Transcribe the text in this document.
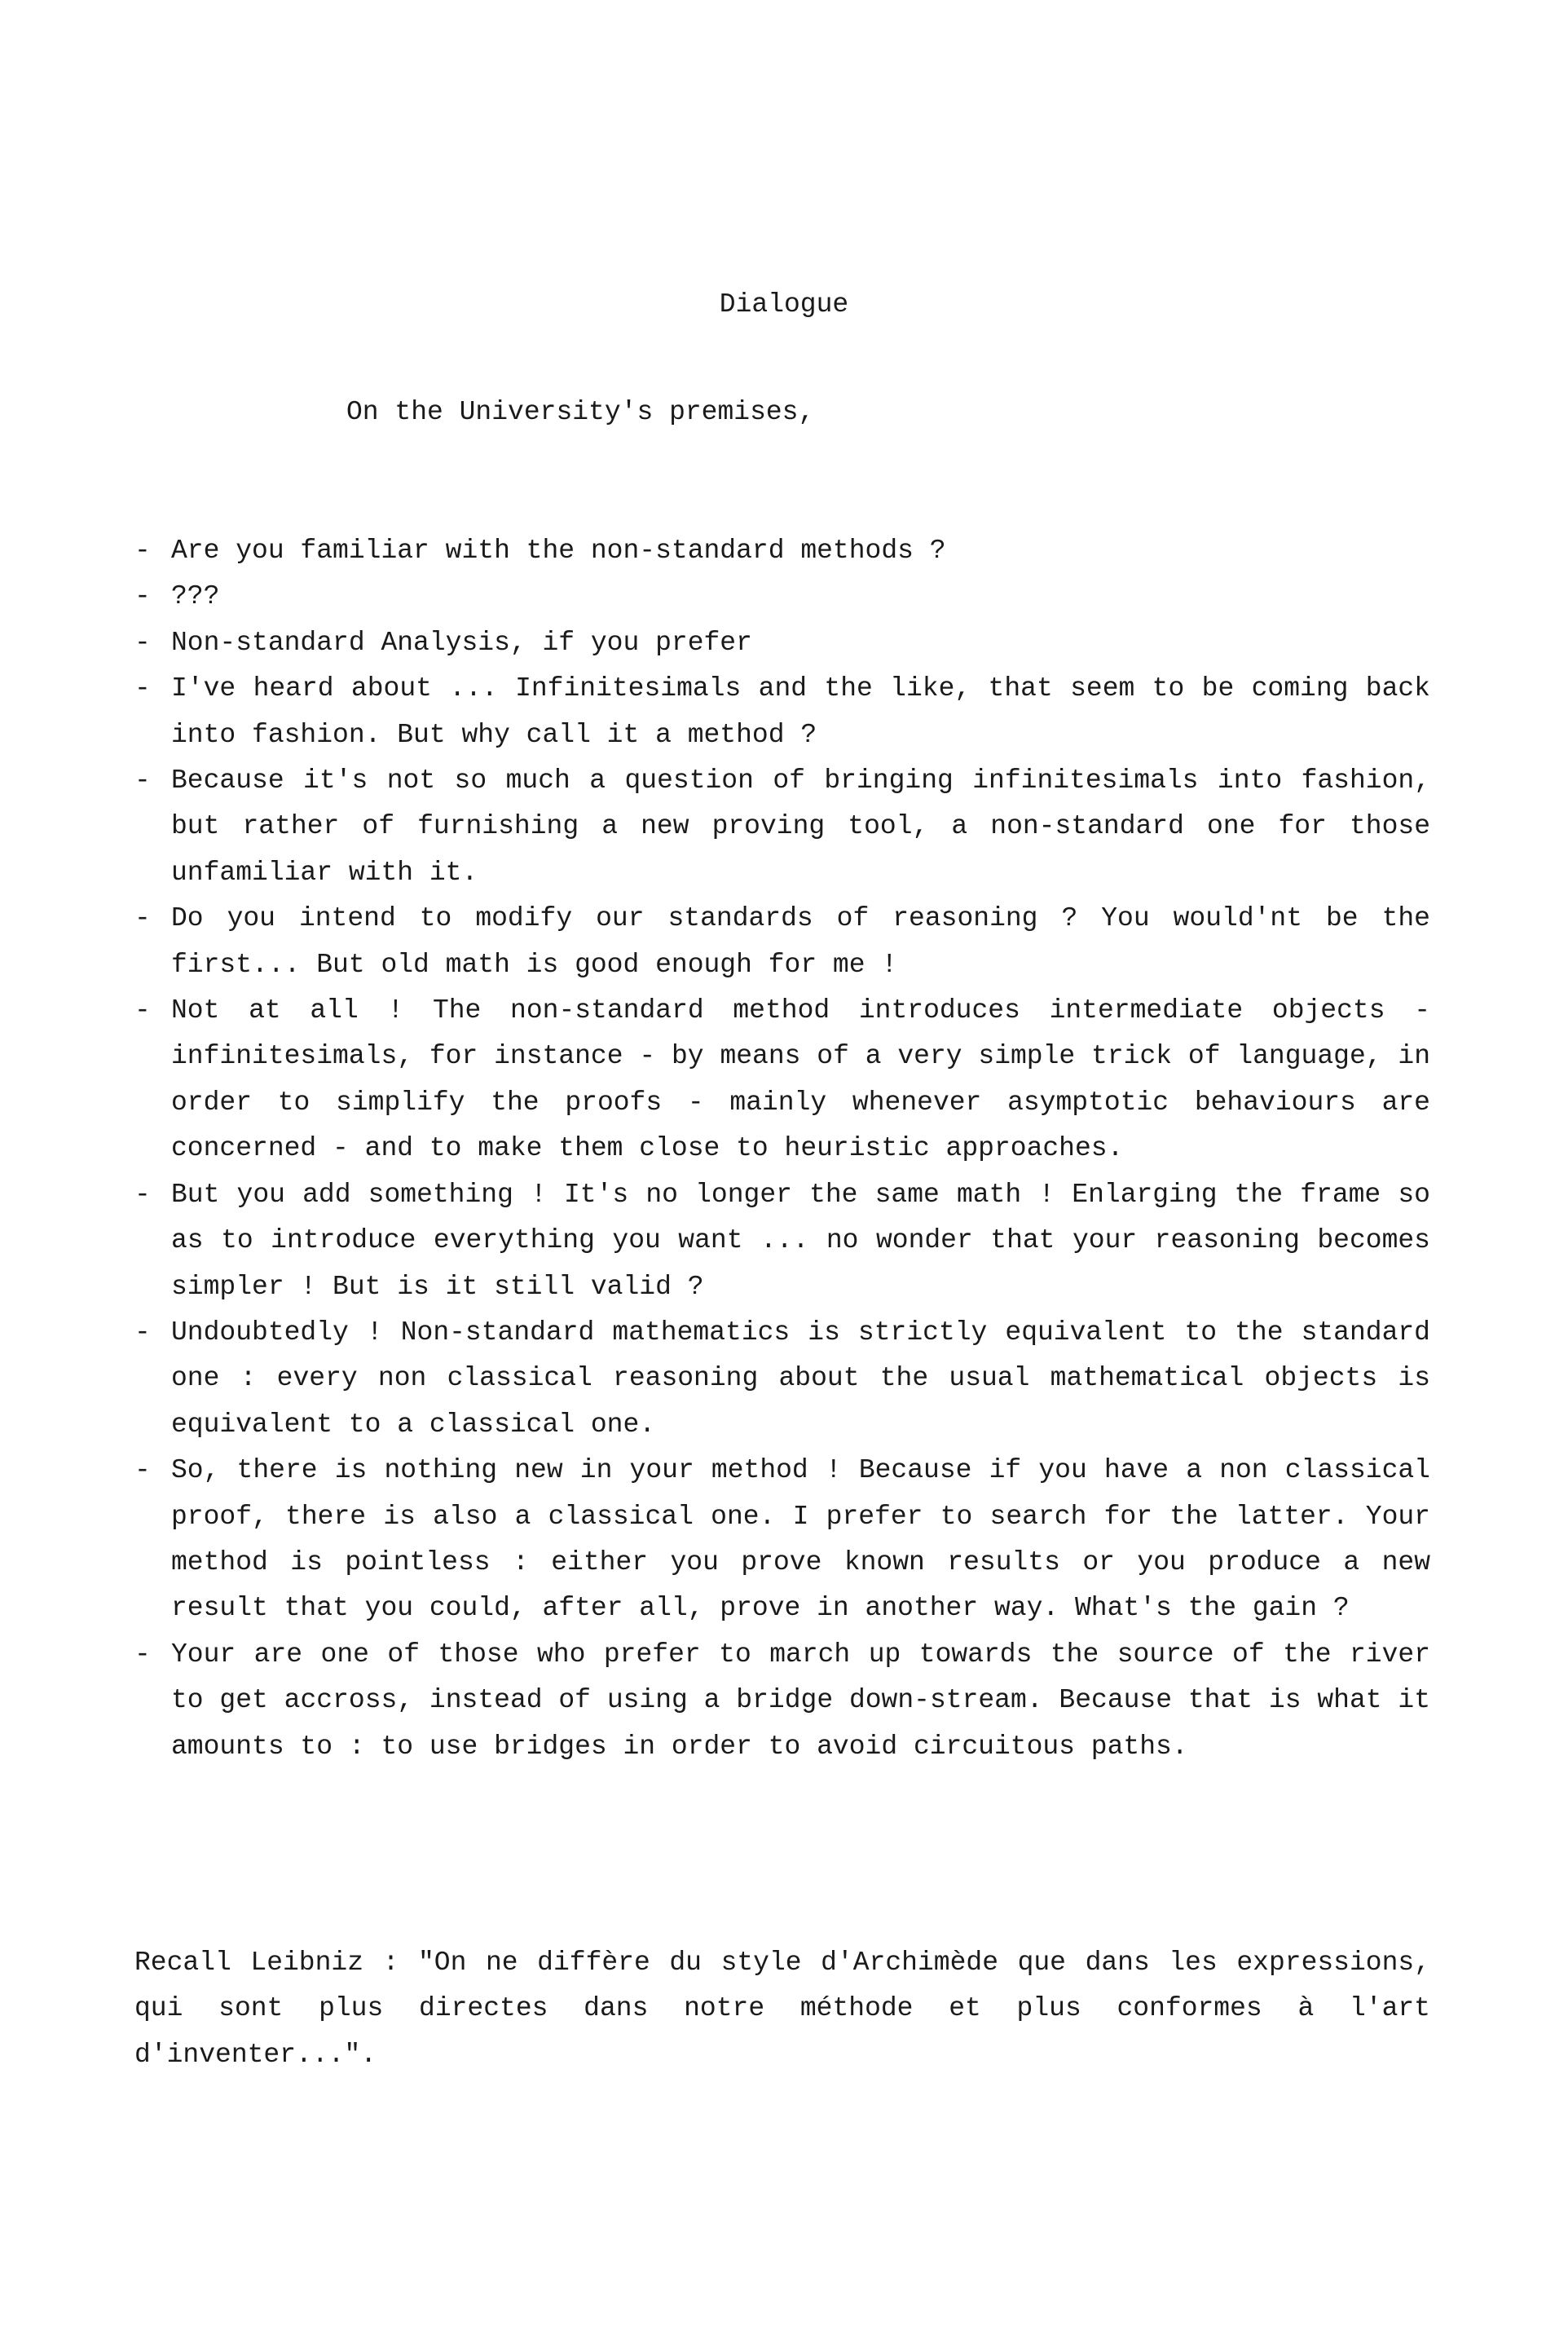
Dialogue
On the University's premises,

- Are you familiar with the non-standard methods ?

- ???

- Non-standard Analysis, if you prefer

- I've heard about ... Infinitesimals and the like, that seem to be coming back into fashion. But why call it a method ?

- Because it's not so much a question of bringing infinitesimals into fashion, but rather of furnishing a new proving tool, a non-standard one for those unfamiliar with it.

- Do you intend to modify our standards of reasoning ? You would'nt be the first... But old math is good enough for me !

- Not at all ! The non-standard method introduces intermediate objects - infinitesimals, for instance - by means of a very simple trick of language, in order to simplify the proofs - mainly whenever asymptotic behaviours are concerned - and to make them close to heuristic approaches.

- But you add something ! It's no longer the same math ! Enlarging the frame so as to introduce everything you want ... no wonder that your reasoning becomes simpler ! But is it still valid ?

- Undoubtedly ! Non-standard mathematics is strictly equivalent to the standard one : every non classical reasoning about the usual mathematical objects is equivalent to a classical one.

- So, there is nothing new in your method ! Because if you have a non classical proof, there is also a classical one. I prefer to search for the latter. Your method is pointless : either you prove known results or you produce a new result that you could, after all, prove in another way. What's the gain ?

- Your are one of those who prefer to march up towards the source of the river to get accross, instead of using a bridge down-stream. Because that is what it amounts to : to use bridges in order to avoid circuitous paths.

Recall Leibniz : "On ne diffère du style d'Archimède que dans les expressions, qui sont plus directes dans notre méthode et plus conformes à l'art d'inventer...".
